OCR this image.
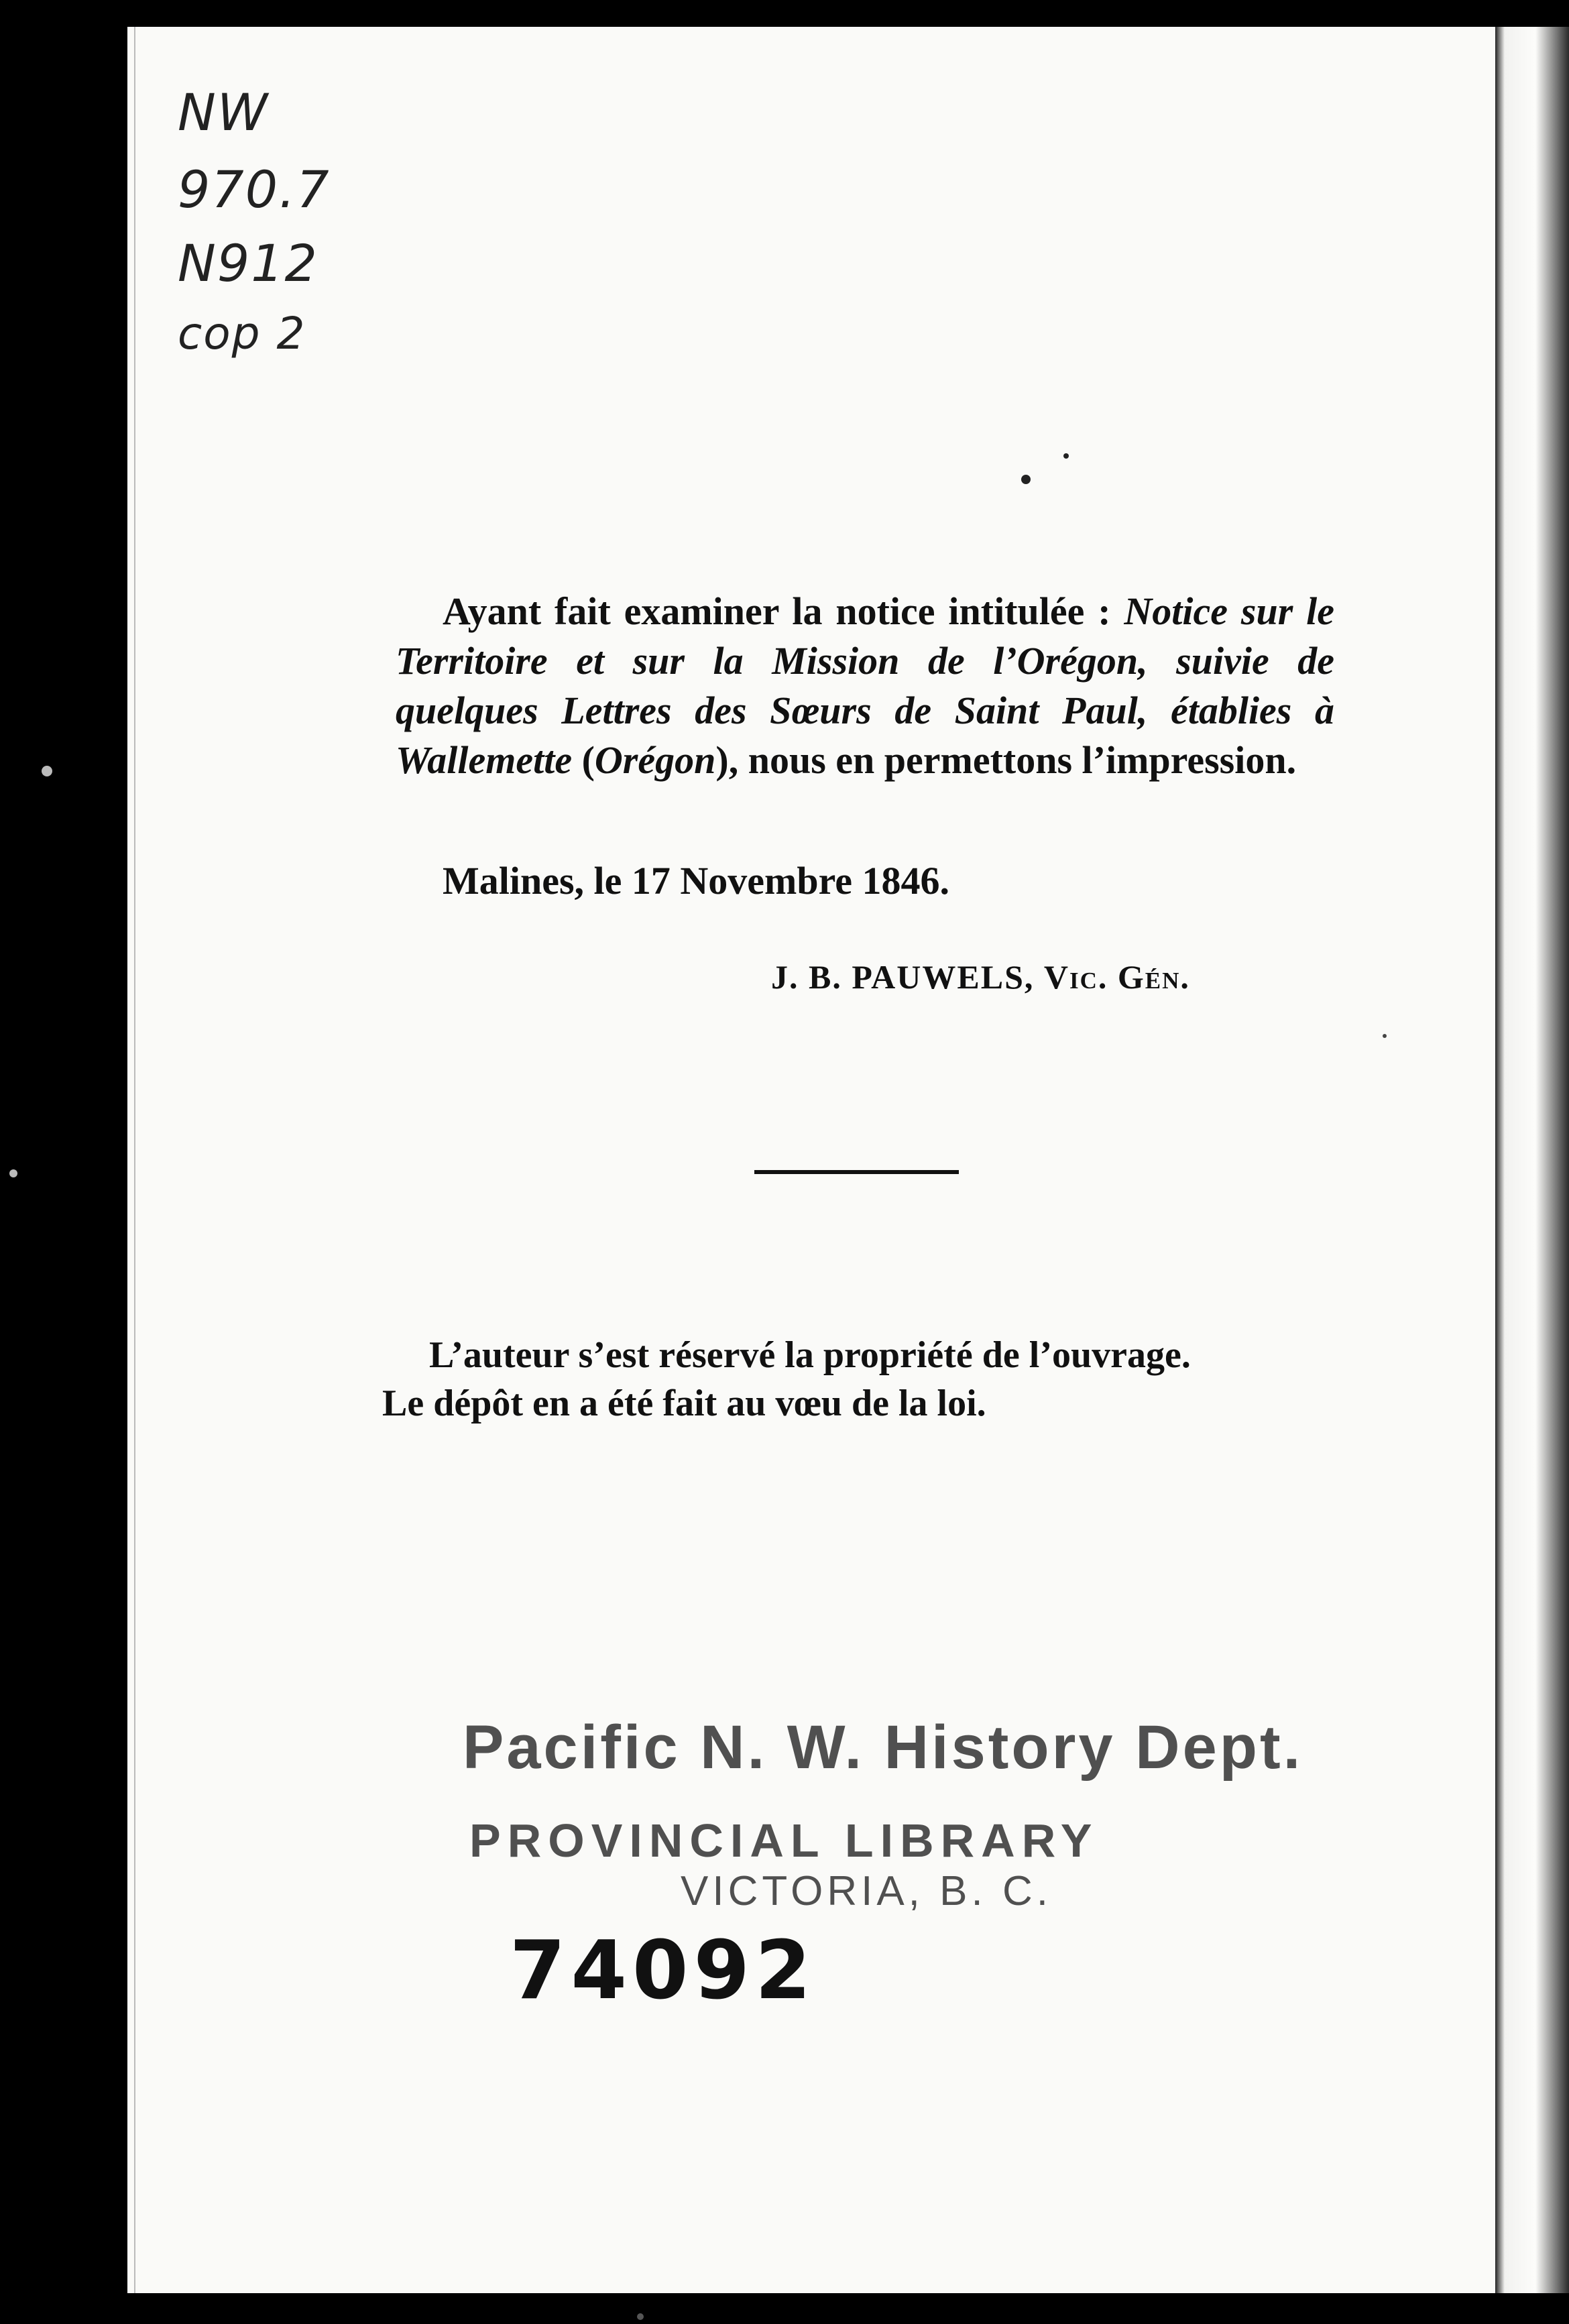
NW

970.7

N912

cop 2

Ayant fait examiner la notice intitulée : Notice sur le Territoire et sur la Mission de l’Orégon, suivie de quelques Lettres des Sœurs de Saint Paul, établies à Wallemette (Orégon), nous en permettons l’impression.

Malines, le 17 Novembre 1846.

J. B. PAUWELS, Vic. Gén.

L’auteur s’est réservé la propriété de l’ouvrage.

Le dépôt en a été fait au vœu de la loi.

Pacific N. W. History Dept.

PROVINCIAL LIBRARY

VICTORIA, B. C.

74092
